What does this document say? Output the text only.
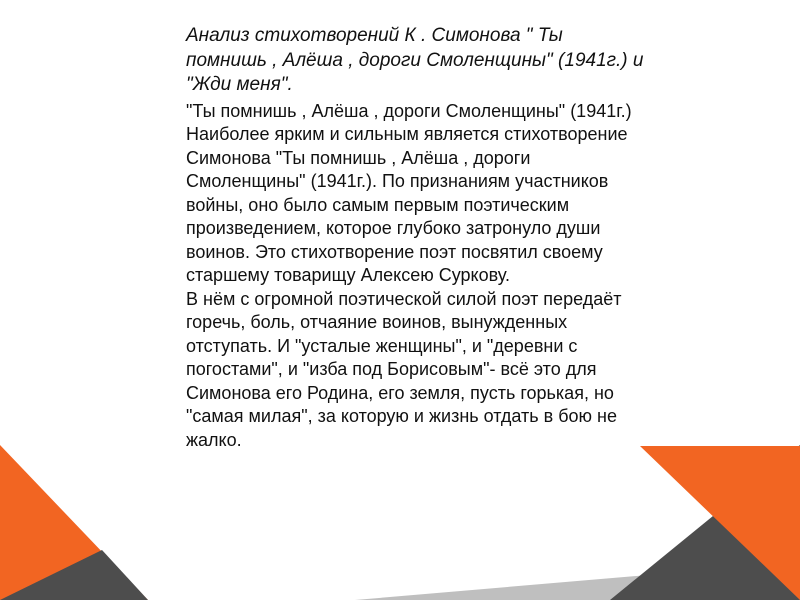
Анализ стихотворений К . Симонова " Ты помнишь , Алёша , дороги Смоленщины" (1941г.) и "Жди меня".

"Ты помнишь , Алёша , дороги Смоленщины" (1941г.)

Наиболее ярким и сильным является стихотворение Симонова "Ты помнишь , Алёша , дороги Смоленщины" (1941г.). По признаниям участников войны, оно было самым первым поэтическим произведением, которое глубоко затронуло души воинов. Это стихотворение поэт посвятил своему старшему товарищу Алексею Суркову.

В нём с огромной поэтической силой поэт передаёт горечь, боль, отчаяние воинов, вынужденных отступать. И "усталые женщины", и "деревни с погостами", и "изба под Борисовым"- всё это для Симонова его Родина, его земля, пусть горькая, но "самая милая", за которую и жизнь отдать в бою не жалко.
